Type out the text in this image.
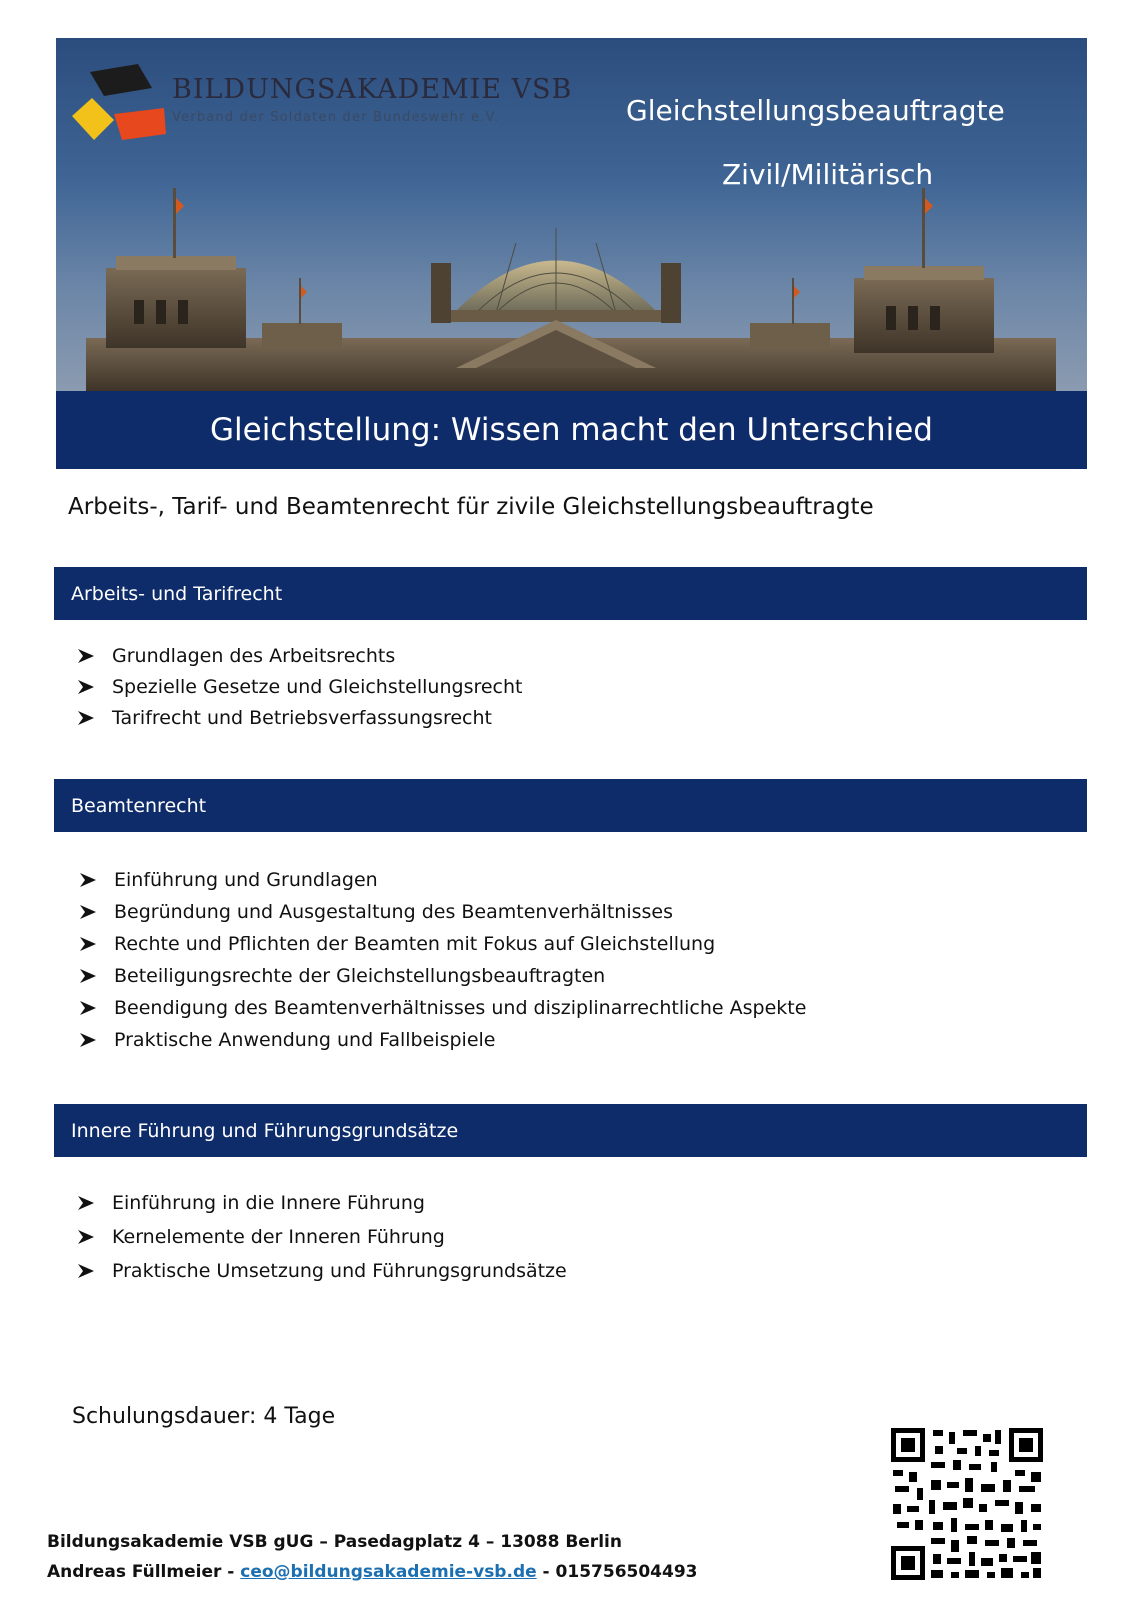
BILDUNGSAKADEMIE VSB
Verband der Soldaten der Bundeswehr e.V.	Gleichstellungsbeauftragte
Zivil/Militärisch
Gleichstellung: Wissen macht den Unterschied
Arbeits-, Tarif- und Beamtenrecht für zivile Gleichstellungsbeauftragte
Arbeits- und Tarifrecht
Grundlagen des Arbeitsrechts
Spezielle Gesetze und Gleichstellungsrecht
Tarifrecht und Betriebsverfassungsrecht
Beamtenrecht
Einführung und Grundlagen
Begründung und Ausgestaltung des Beamtenverhältnisses
Rechte und Pflichten der Beamten mit Fokus auf Gleichstellung
Beteiligungsrechte der Gleichstellungsbeauftragten
Beendigung des Beamtenverhältnisses und disziplinarrechtliche Aspekte
Praktische Anwendung und Fallbeispiele
Innere Führung und Führungsgrundsätze
Einführung in die Innere Führung
Kernelemente der Inneren Führung
Praktische Umsetzung und Führungsgrundsätze
Schulungsdauer: 4 Tage
Bildungsakademie VSB gUG – Pasedagplatz 4 – 13088 Berlin
Andreas Füllmeier - ceo@bildungsakademie-vsb.de - 015756504493
